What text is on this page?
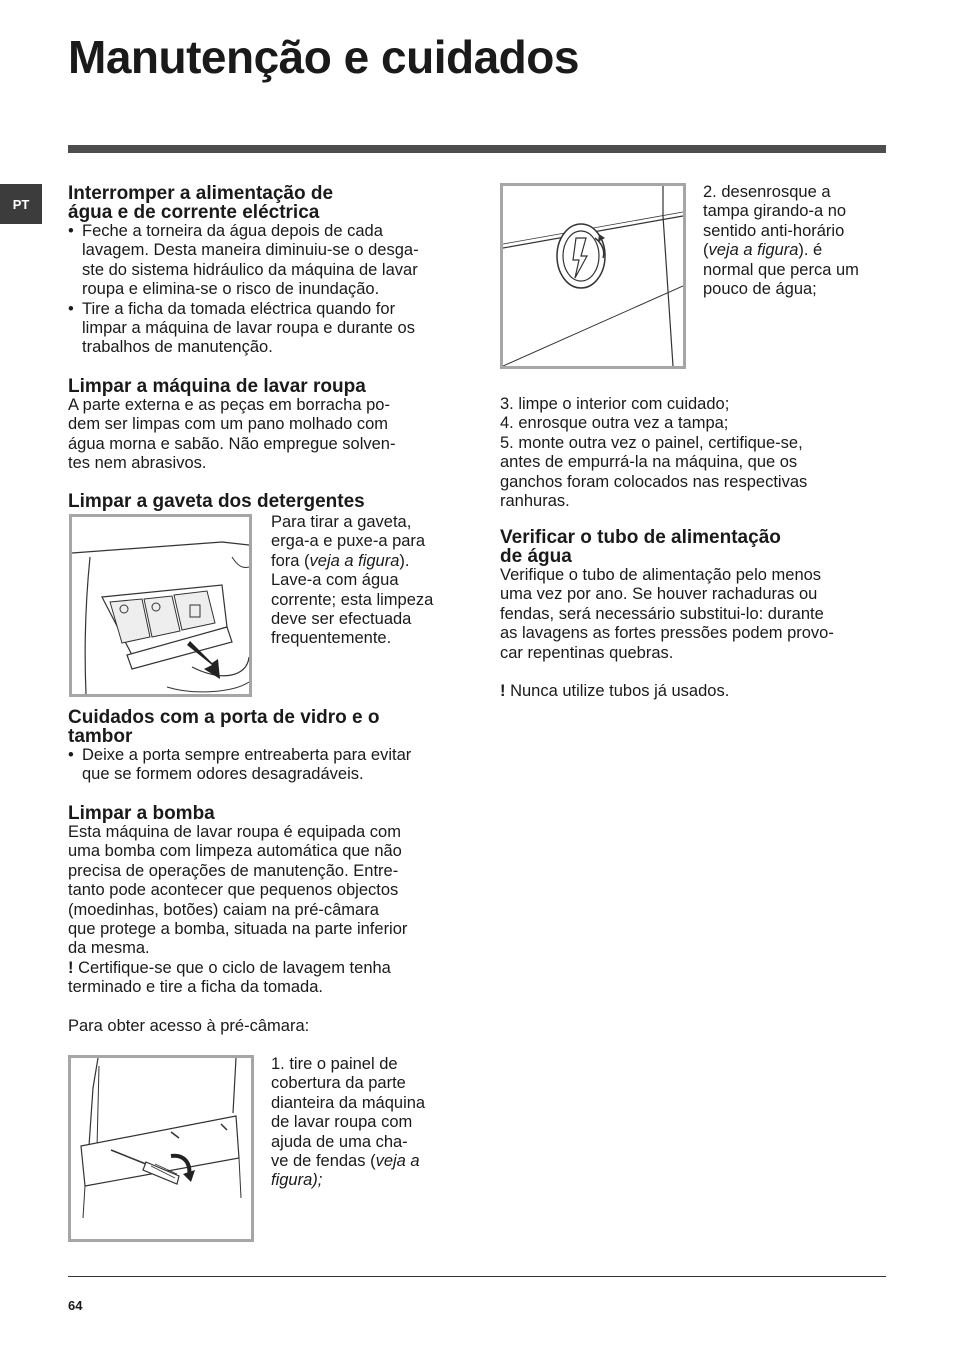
Manutenção e cuidados
PT	Interromper a alimentação de
água e de corrente eléctrica

• Feche a torneira da água depois de cada
lavagem. Desta maneira diminuiu-se o desga-
ste do sistema hidráulico da máquina de lavar
roupa e elimina-se o risco de inundação.

• Tire a ficha da tomada eléctrica quando for
limpar a máquina de lavar roupa e durante os
trabalhos de manutenção.

Limpar a máquina de lavar roupa

A parte externa e as peças em borracha po-
dem ser limpas com um pano molhado com
água morna e sabão. Não empregue solven-
tes nem abrasivos.

Limpar a gaveta dos detergentes

Para tirar a gaveta,
erga-a e puxe-a para
fora (veja a figura).
Lave-a com água
corrente; esta limpeza
deve ser efectuada
frequentemente.

Cuidados com a porta de vidro e o
tambor

• Deixe a porta sempre entreaberta para evitar
que se formem odores desagradáveis.

Limpar a bomba

Esta máquina de lavar roupa é equipada com
uma bomba com limpeza automática que não
precisa de operações de manutenção. Entre-
tanto pode acontecer que pequenos objectos
(moedinhas, botões) caiam na pré-câmara
que protege a bomba, situada na parte inferior
da mesma.
! Certifique-se que o ciclo de lavagem tenha
terminado e tire a ficha da tomada.

Para obter acesso à pré-câmara:

1. tire o painel de
cobertura da parte
dianteira da máquina
de lavar roupa com
ajuda de uma cha-
ve de fendas (veja a
figura);

2. desenrosque a
tampa girando-a no
sentido anti-horário
(veja a figura). é
normal que perca um
pouco de água;

3. limpe o interior com cuidado;
4. enrosque outra vez a tampa;
5. monte outra vez o painel, certifique-se,
antes de empurrá-la na máquina, que os
ganchos foram colocados nas respectivas
ranhuras.

Verificar o tubo de alimentação
de água

Verifique o tubo de alimentação pelo menos
uma vez por ano. Se houver rachaduras ou
fendas, será necessário substitui-lo: durante
as lavagens as fortes pressões podem provo-
car repentinas quebras.

! Nunca utilize tubos já usados.

64
